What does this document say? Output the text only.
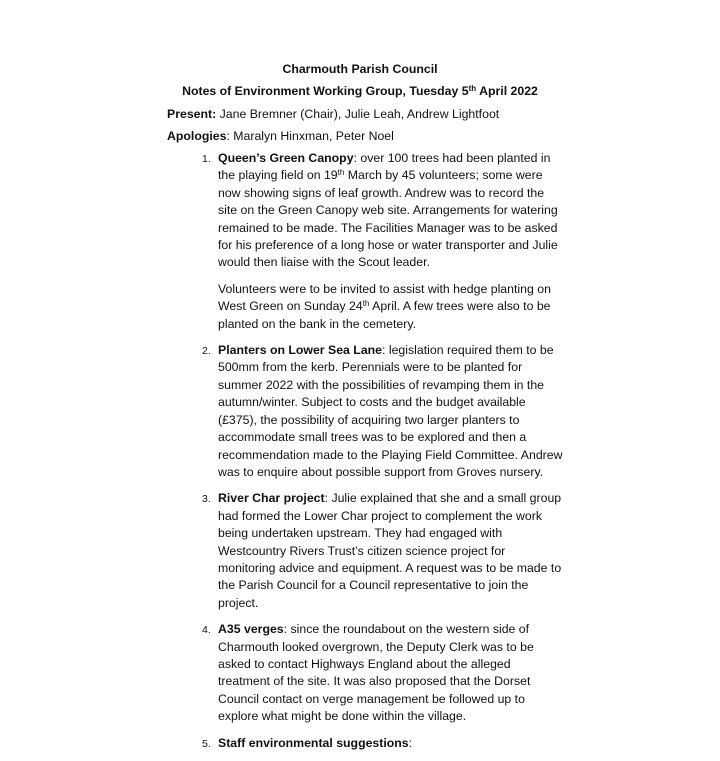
Charmouth Parish Council
Notes of Environment Working Group, Tuesday 5th April 2022
Present: Jane Bremner (Chair), Julie Leah, Andrew Lightfoot
Apologies: Maralyn Hinxman, Peter Noel
1. Queen’s Green Canopy: over 100 trees had been planted in the playing field on 19th March by 45 volunteers; some were now showing signs of leaf growth. Andrew was to record the site on the Green Canopy web site. Arrangements for watering remained to be made. The Facilities Manager was to be asked for his preference of a long hose or water transporter and Julie would then liaise with the Scout leader.

Volunteers were to be invited to assist with hedge planting on West Green on Sunday 24th April. A few trees were also to be planted on the bank in the cemetery.

2. Planters on Lower Sea Lane: legislation required them to be 500mm from the kerb. Perennials were to be planted for summer 2022 with the possibilities of revamping them in the autumn/winter. Subject to costs and the budget available (£375), the possibility of acquiring two larger planters to accommodate small trees was to be explored and then a recommendation made to the Playing Field Committee. Andrew was to enquire about possible support from Groves nursery.

3. River Char project: Julie explained that she and a small group had formed the Lower Char project to complement the work being undertaken upstream. They had engaged with Westcountry Rivers Trust’s citizen science project for monitoring advice and equipment. A request was to be made to the Parish Council for a Council representative to join the project.

4. A35 verges: since the roundabout on the western side of Charmouth looked overgrown, the Deputy Clerk was to be asked to contact Highways England about the alleged treatment of the site. It was also proposed that the Dorset Council contact on verge management be followed up to explore what might be done within the village.

5. Staff environmental suggestions:
